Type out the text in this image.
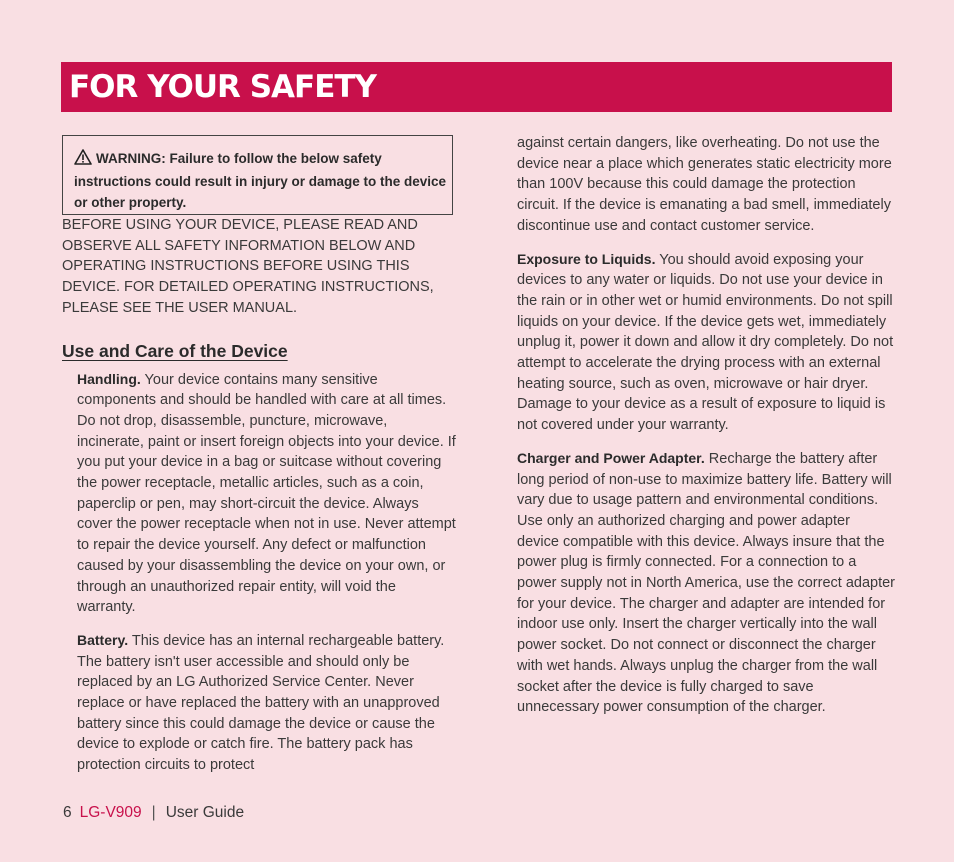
FOR YOUR SAFETY
WARNING: Failure to follow the below safety instructions could result in injury or damage to the device or other property.

BEFORE USING YOUR DEVICE, PLEASE READ AND OBSERVE ALL SAFETY INFORMATION BELOW AND OPERATING INSTRUCTIONS BEFORE USING THIS DEVICE. FOR DETAILED OPERATING INSTRUCTIONS, PLEASE SEE THE USER MANUAL.

Use and Care of the Device

Handling. Your device contains many sensitive components and should be handled with care at all times. Do not drop, disassemble, puncture, microwave, incinerate, paint or insert foreign objects into your device. If you put your device in a bag or suitcase without covering the power receptacle, metallic articles, such as a coin, paperclip or pen, may short-circuit the device. Always cover the power receptacle when not in use. Never attempt to repair the device yourself. Any defect or malfunction caused by your disassembling the device on your own, or through an unauthorized repair entity, will void the warranty.

Battery. This device has an internal rechargeable battery. The battery isn't user accessible and should only be replaced by an LG Authorized Service Center. Never replace or have replaced the battery with an unapproved battery since this could damage the device or cause the device to explode or catch fire. The battery pack has protection circuits to protect

against certain dangers, like overheating. Do not use the device near a place which generates static electricity more than 100V because this could damage the protection circuit. If the device is emanating a bad smell, immediately discontinue use and contact customer service.

Exposure to Liquids. You should avoid exposing your devices to any water or liquids. Do not use your device in the rain or in other wet or humid environments. Do not spill liquids on your device. If the device gets wet, immediately unplug it, power it down and allow it dry completely. Do not attempt to accelerate the drying process with an external heating source, such as oven, microwave or hair dryer. Damage to your device as a result of exposure to liquid is not covered under your warranty.

Charger and Power Adapter. Recharge the battery after long period of non-use to maximize battery life. Battery will vary due to usage pattern and environmental conditions. Use only an authorized charging and power adapter device compatible with this device. Always insure that the power plug is firmly connected. For a connection to a power supply not in North America, use the correct adapter for your device. The charger and adapter are intended for indoor use only. Insert the charger vertically into the wall power socket. Do not connect or disconnect the charger with wet hands. Always unplug the charger from the wall socket after the device is fully charged to save unnecessary power consumption of the charger.

6 LG-V909 | User Guide
